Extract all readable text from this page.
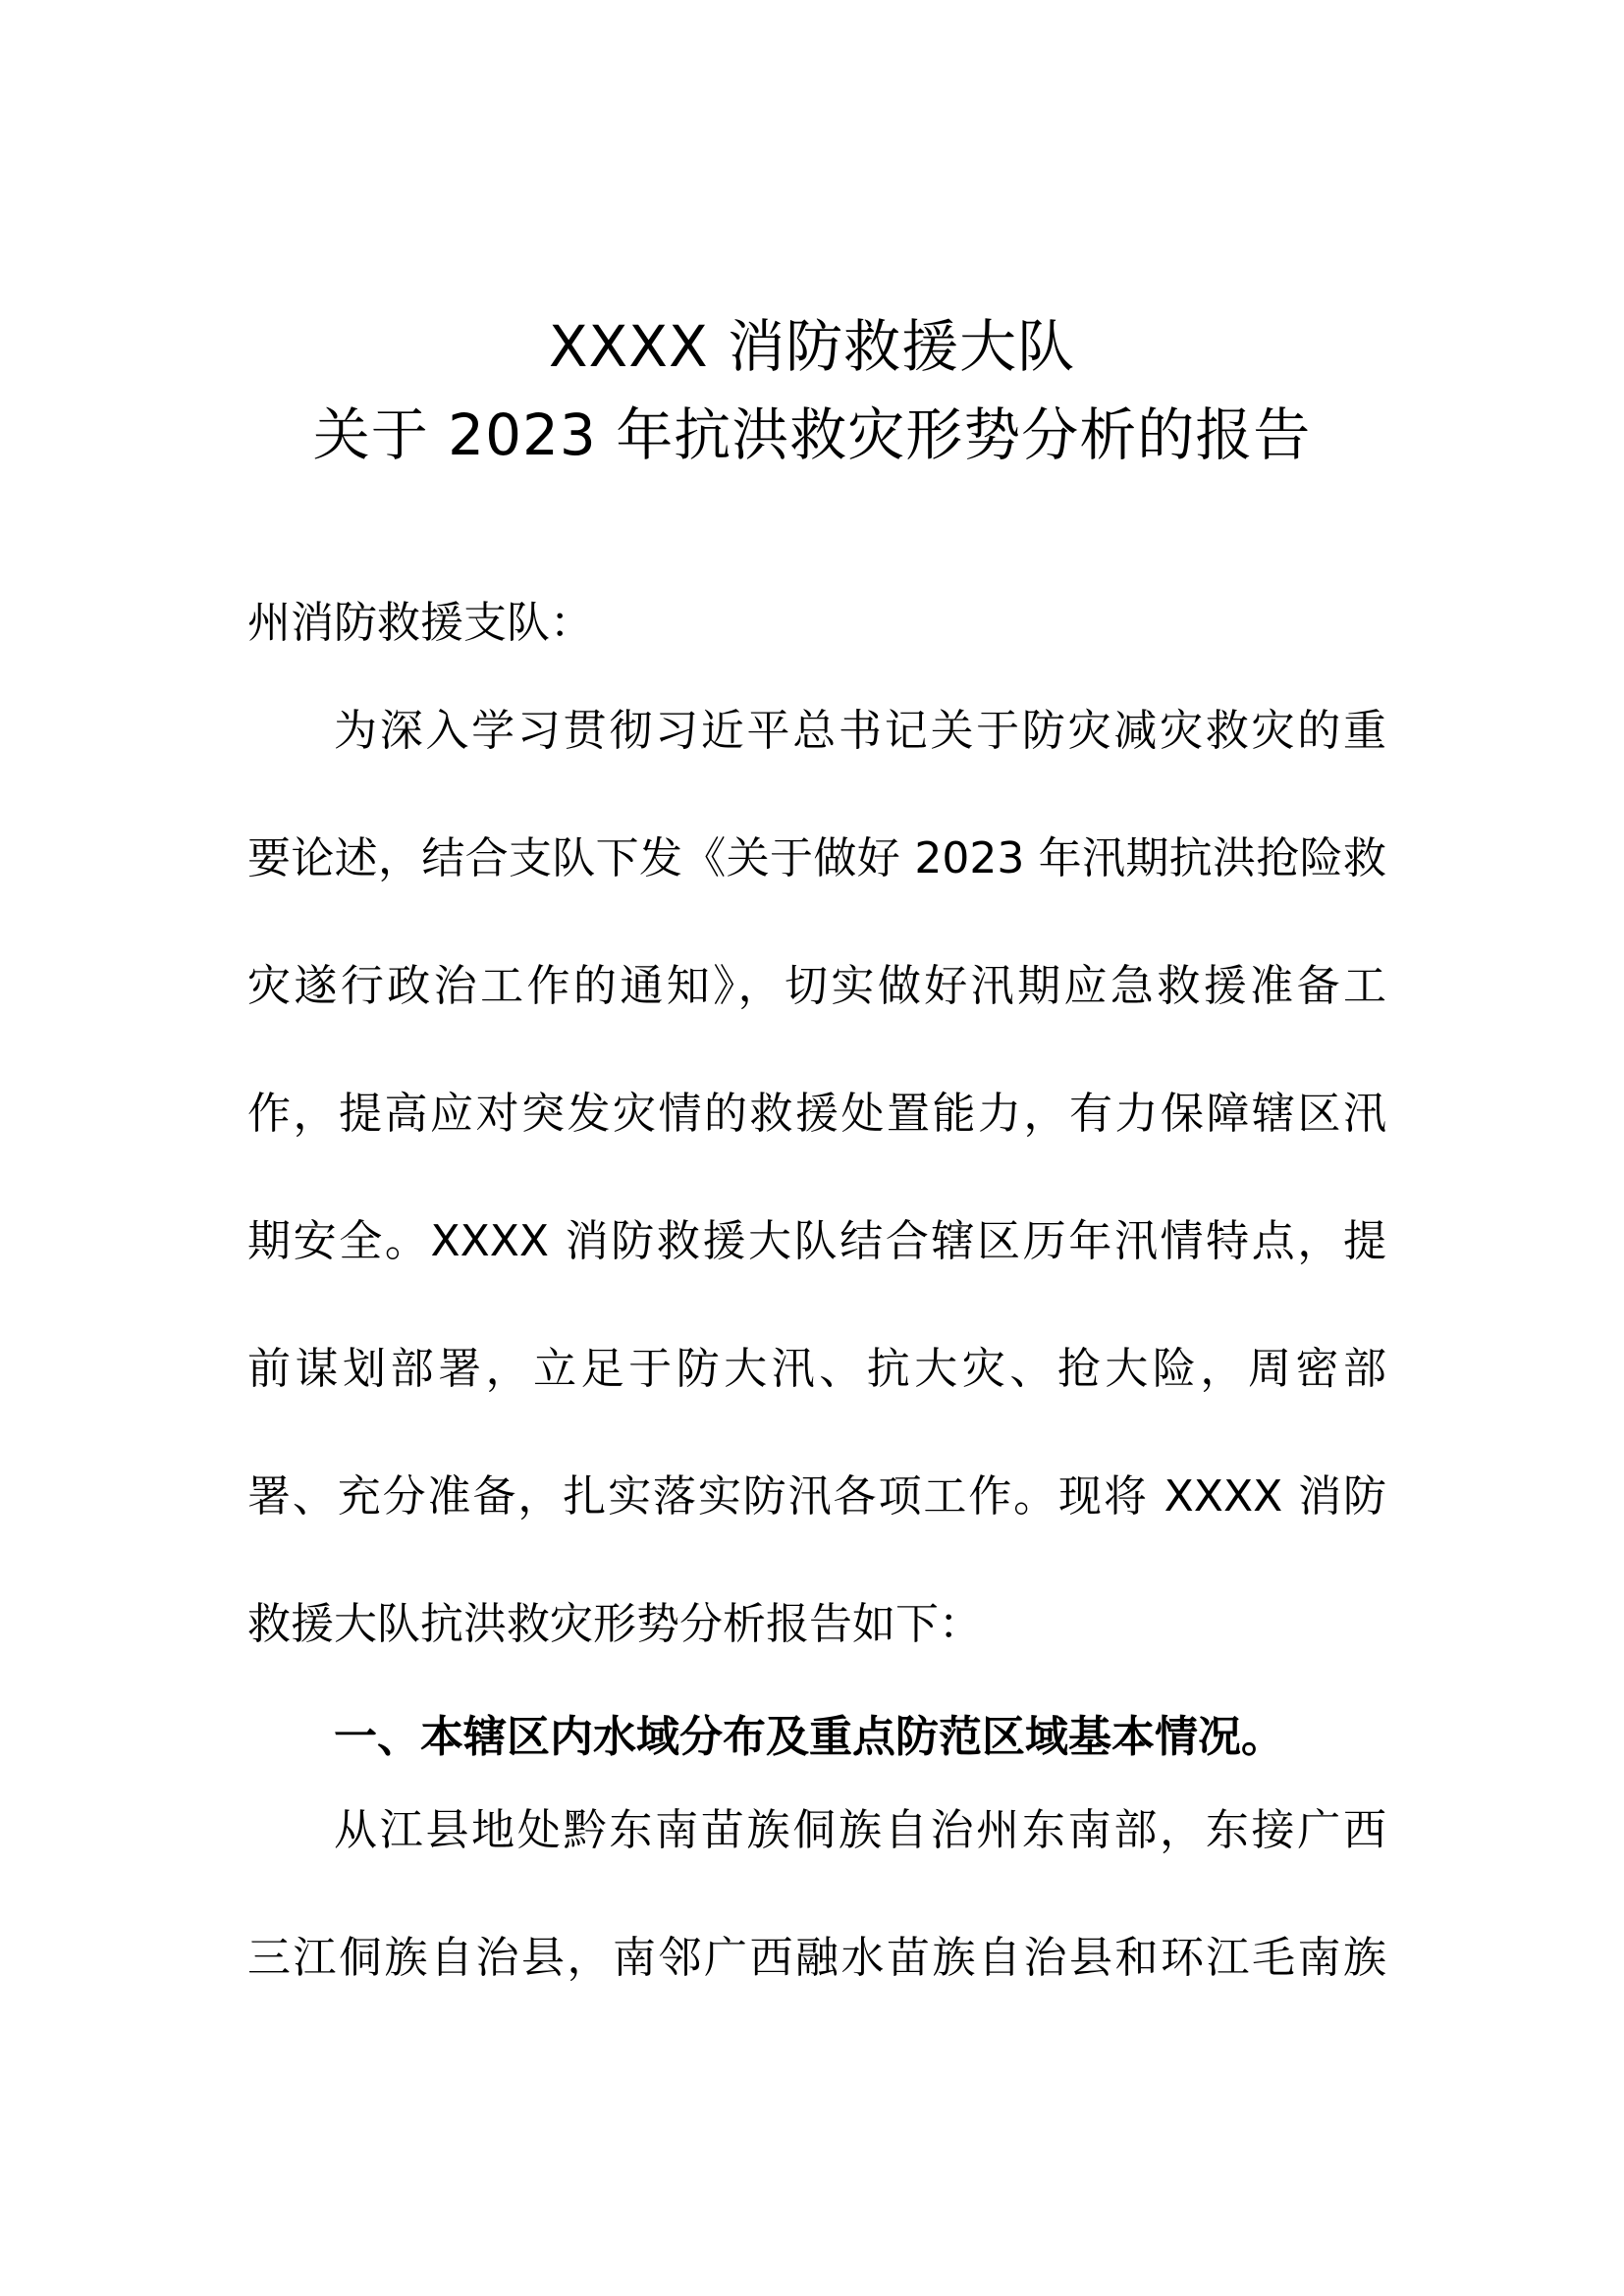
XXXX 消防救援大队
关于 2023 年抗洪救灾形势分析的报告

州消防救援支队：

为深入学习贯彻习近平总书记关于防灾减灾救灾的重

要论述，结合支队下发《关于做好 2023 年汛期抗洪抢险救

灾遂行政治工作的通知》，切实做好汛期应急救援准备工

作，提高应对突发灾情的救援处置能力，有力保障辖区汛

期安全。XXXX 消防救援大队结合辖区历年汛情特点，提

前谋划部署，立足于防大汛、抗大灾、抢大险，周密部

署、充分准备，扎实落实防汛各项工作。现将 XXXX 消防

救援大队抗洪救灾形势分析报告如下：

一、本辖区内水域分布及重点防范区域基本情况。

从江县地处黔东南苗族侗族自治州东南部，东接广西

三江侗族自治县，南邻广西融水苗族自治县和环江毛南族
